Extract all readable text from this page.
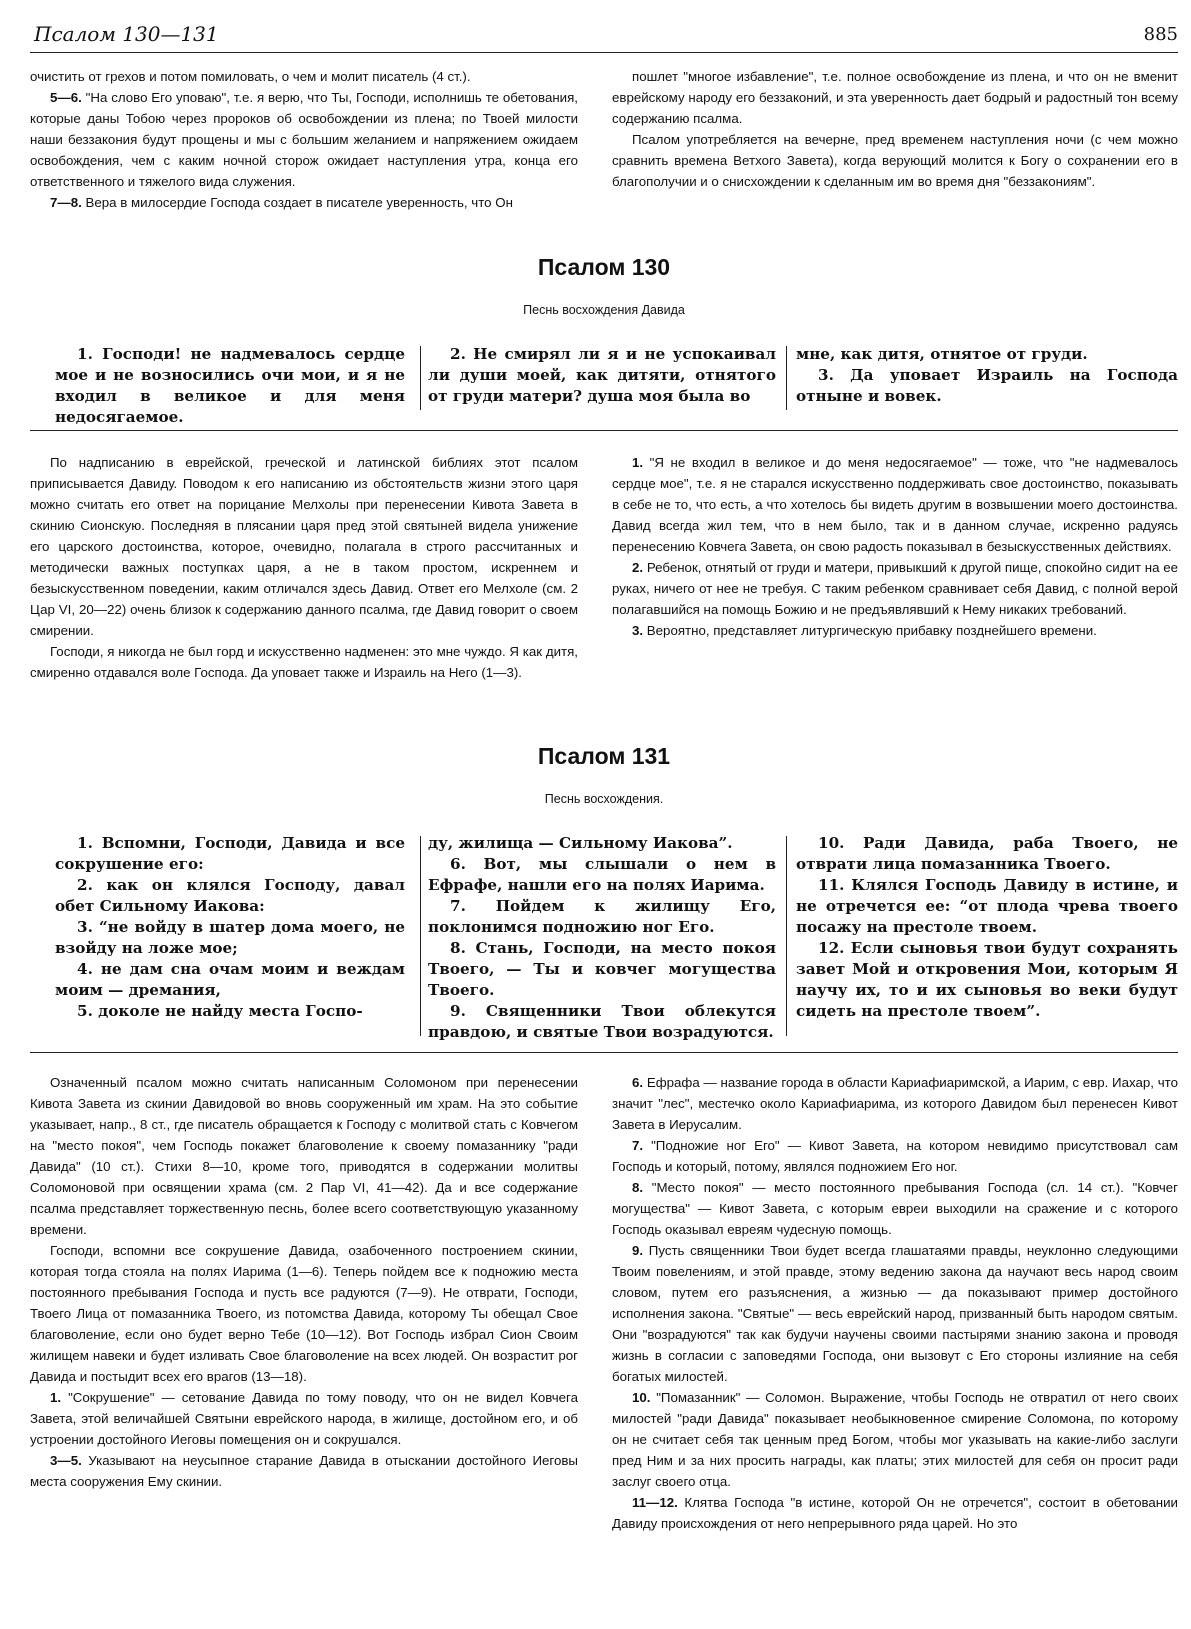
Псалом 130—131	885

очистить от грехов и потом помиловать, о чем и молит писатель (4 ст.).

5—6. "На слово Его уповаю", т.е. я верю, что Ты, Господи, исполнишь те обетования, которые даны Тобою через пророков об освобождении из плена; по Твоей милости наши беззакония будут прощены и мы с большим желанием и напряжением ожидаем освобождения, чем с каким ночной сторож ожидает наступления утра, конца его ответственного и тяжелого вида служения.

7—8. Вера в милосердие Господа создает в писателе уверенность, что Он

пошлет "многое избавление", т.е. полное освобождение из плена, и что он не вменит еврейскому народу его беззаконий, и эта уверенность дает бодрый и радостный тон всему содержанию псалма.

Псалом употребляется на вечерне, пред временем наступления ночи (с чем можно сравнить времена Ветхого Завета), когда верующий молится к Богу о сохранении его в благополучии и о снисхождении к сделанным им во время дня "беззакониям".

Псалом 130
Песнь восхождения Давида

1. Господи! не надмевалось сердце мое и не возносились очи мои, и я не входил в великое и для меня недосягаемое.

2. Не смирял ли я и не успокаивал ли души моей, как дитяти, отнятого от груди матери? душа моя была во

мне, как дитя, отнятое от груди.

3. Да уповает Израиль на Господа отныне и вовек.

По надписанию в еврейской, греческой и латинской библиях этот псалом приписывается Давиду. Поводом к его написанию из обстоятельств жизни этого царя можно считать его ответ на порицание Мелхолы при перенесении Кивота Завета в скинию Сионскую. Последняя в плясании царя пред этой святыней видела унижение его царского достоинства, которое, очевидно, полагала в строго рассчитанных и методически важных поступках царя, а не в таком простом, искреннем и безыскусственном поведении, каким отличался здесь Давид. Ответ его Мелхоле (см. 2 Цар VI, 20—22) очень близок к содержанию данного псалма, где Давид говорит о своем смирении.

Господи, я никогда не был горд и искусственно надменен: это мне чуждо. Я как дитя, смиренно отдавался воле Господа. Да уповает также и Израиль на Него (1—3).

1. "Я не входил в великое и до меня недосягаемое" — тоже, что "не надмевалось сердце мое", т.е. я не старался искусственно поддерживать свое достоинство, показывать в себе не то, что есть, а что хотелось бы видеть другим в возвышении моего достоинства. Давид всегда жил тем, что в нем было, так и в данном случае, искренно радуясь перенесению Ковчега Завета, он свою радость показывал в безыскусственных действиях.

2. Ребенок, отнятый от груди и матери, привыкший к другой пище, спокойно сидит на ее руках, ничего от нее не требуя. С таким ребенком сравнивает себя Давид, с полной верой полагавшийся на помощь Божию и не предъявлявший к Нему никаких требований.

3. Вероятно, представляет литургическую прибавку позднейшего времени.

Псалом 131
Песнь восхождения.

1. Вспомни, Господи, Давида и все сокрушение его:

2. как он клялся Господу, давал обет Сильному Иакова:

3. “не войду в шатер дома моего, не взойду на ложе мое;

4. не дам сна очам моим и веждам моим — дремания,

5. доколе не найду места Госпо-

ду, жилища — Сильному Иакова”.

6. Вот, мы слышали о нем в Ефрафе, нашли его на полях Иарима.

7. Пойдем к жилищу Его, поклонимся подножию ног Его.

8. Стань, Господи, на место покоя Твоего, — Ты и ковчег могущества Твоего.

9. Священники Твои облекутся правдою, и святые Твои возрадуются.

10. Ради Давида, раба Твоего, не отврати лица помазанника Твоего.

11. Клялся Господь Давиду в истине, и не отречется ее: “от плода чрева твоего посажу на престоле твоем.

12. Если сыновья твои будут сохранять завет Мой и откровения Мои, которым Я научу их, то и их сыновья во веки будут сидеть на престоле твоем”.

Означенный псалом можно считать написанным Соломоном при перенесении Кивота Завета из скинии Давидовой во вновь сооруженный им храм. На это событие указывает, напр., 8 ст., где писатель обращается к Господу с молитвой стать с Ковчегом на "место покоя", чем Господь покажет благоволение к своему помазаннику "ради Давида" (10 ст.). Стихи 8—10, кроме того, приводятся в содержании молитвы Соломоновой при освящении храма (см. 2 Пар VI, 41—42). Да и все содержание псалма представляет торжественную песнь, более всего соответствующую указанному времени.

Господи, вспомни все сокрушение Давида, озабоченного построением скинии, которая тогда стояла на полях Иарима (1—6). Теперь пойдем все к подножию места постоянного пребывания Господа и пусть все радуются (7—9). Не отврати, Господи, Твоего Лица от помазанника Твоего, из потомства Давида, которому Ты обещал Свое благоволение, если оно будет верно Тебе (10—12). Вот Господь избрал Сион Своим жилищем навеки и будет изливать Свое благоволение на всех людей. Он возрастит рог Давида и постыдит всех его врагов (13—18).

1. "Сокрушение" — сетование Давида по тому поводу, что он не видел Ковчега Завета, этой величайшей Святыни еврейского народа, в жилище, достойном его, и об устроении достойного Иеговы помещения он и сокрушался.

3—5. Указывают на неусыпное старание Давида в отыскании достойного Иеговы места сооружения Ему скинии.

6. Ефрафа — название города в области Кариафиаримской, а Иарим, с евр. Иахар, что значит "лес", местечко около Кариафиарима, из которого Давидом был перенесен Кивот Завета в Иерусалим.

7. "Подножие ног Его" — Кивот Завета, на котором невидимо присутствовал сам Господь и который, потому, являлся подножием Его ног.

8. "Место покоя" — место постоянного пребывания Господа (сл. 14 ст.). "Ковчег могущества" — Кивот Завета, с которым евреи выходили на сражение и с которого Господь оказывал евреям чудесную помощь.

9. Пусть священники Твои будет всегда глашатаями правды, неуклонно следующими Твоим повелениям, и этой правде, этому ведению закона да научают весь народ своим словом, путем его разъяснения, а жизнью — да показывают пример достойного исполнения закона. "Святые" — весь еврейский народ, призванный быть народом святым. Они "возрадуются" так как будучи научены своими пастырями знанию закона и проводя жизнь в согласии с заповедями Господа, они вызовут с Его стороны излияние на себя богатых милостей.

10. "Помазанник" — Соломон. Выражение, чтобы Господь не отвратил от него своих милостей "ради Давида" показывает необыкновенное смирение Соломона, по которому он не считает себя так ценным пред Богом, чтобы мог указывать на какие-либо заслуги пред Ним и за них просить награды, как платы; этих милостей для себя он просит ради заслуг своего отца.

11—12. Клятва Господа "в истине, которой Он не отречется", состоит в обетовании Давиду происхождения от него непрерывного ряда царей. Но это
